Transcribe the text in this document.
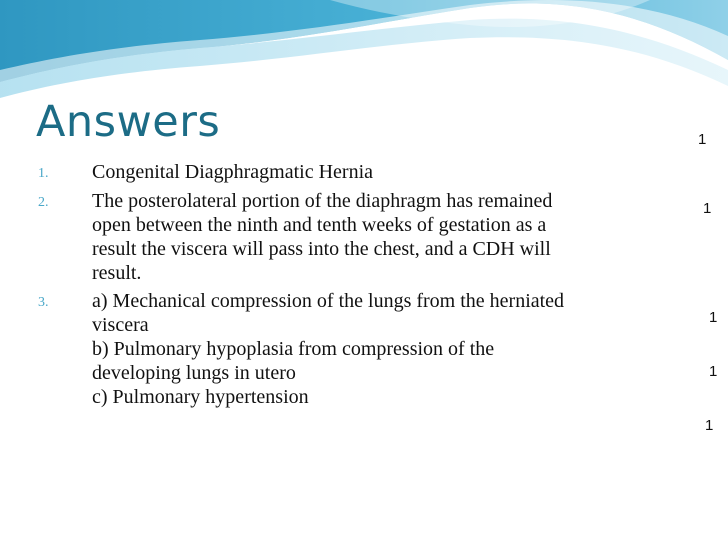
Answers
1.	Congenital Diagphragmatic Hernia
2.	The posterolateral portion of the diaphragm has remained
open between the ninth and tenth weeks of gestation as a
result the viscera will pass into the chest, and a CDH will
result.
3.	a) Mechanical compression of the lungs from the herniated
viscera
b) Pulmonary hypoplasia from compression of the
developing lungs in utero
c) Pulmonary hypertension
1
1
1
1
1
